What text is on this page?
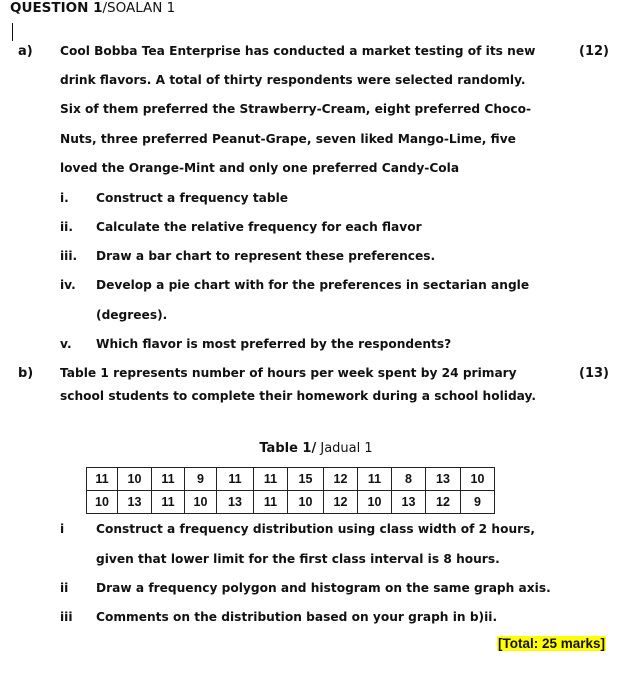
QUESTION 1/SOALAN 1
a)	(12)
Cool Bobba Tea Enterprise has conducted a market testing of its new
drink flavors. A total of thirty respondents were selected randomly.
Six of them preferred the Strawberry-Cream, eight preferred Choco-
Nuts, three preferred Peanut-Grape, seven liked Mango-Lime, five
loved the Orange-Mint and only one preferred Candy-Cola
i. Construct a frequency table
ii. Calculate the relative frequency for each flavor
iii. Draw a bar chart to represent these preferences.
iv. Develop a pie chart with for the preferences in sectarian angle
(degrees).
v. Which flavor is most preferred by the respondents?
b)	(13)
Table 1 represents number of hours per week spent by 24 primary
school students to complete their homework during a school holiday.
Table 1/ Jadual 1
11	10	11	9	11	11	15	12	11	8	13	10
10	13	11	10	13	11	10	12	10	13	12	9
i	Construct a frequency distribution using class width of 2 hours,
given that lower limit for the first class interval is 8 hours.
ii Draw a frequency polygon and histogram on the same graph axis.
iii Comments on the distribution based on your graph in b)ii.
[Total: 25 marks]
